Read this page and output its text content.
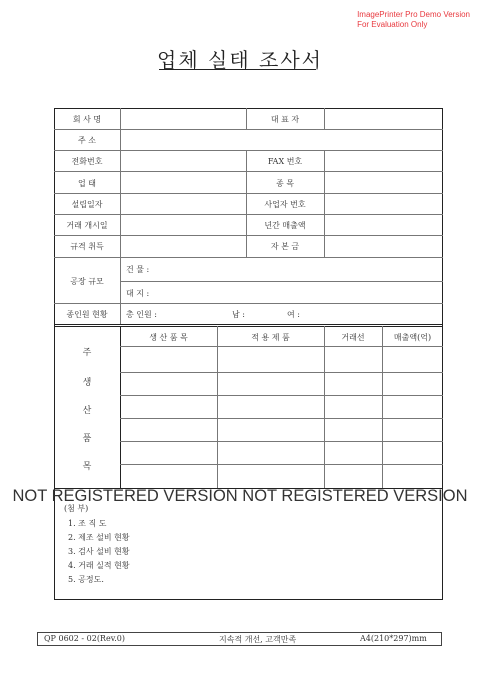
ImagePrinter Pro Demo Version
For Evaluation Only
업체 실태 조사서
회 사 명	대 표 자
주 소
전화번호	FAX 번호
업 태	종 목
설립일자	사업자 번호
거래 개시일	년간 매출액
규격 취득	자 본 금
공장 규모
건 물 :
대 지 :
종인원 현황	총 인원 :	남 :	여 :
생 산 품 목	적 용 제 품	거래선	매출액(억)
주
생
산
품
목
(첨 부)
1. 조 직 도
2. 제조 설비 현황
3. 검사 설비 현황
4. 거래 실적 현황
5. 공정도.
NOT REGISTERED VERSION NOT REGISTERED VERSION
QP 0602 - 02(Rev.0)	지속적 개선, 고객만족	A4(210*297)mm
